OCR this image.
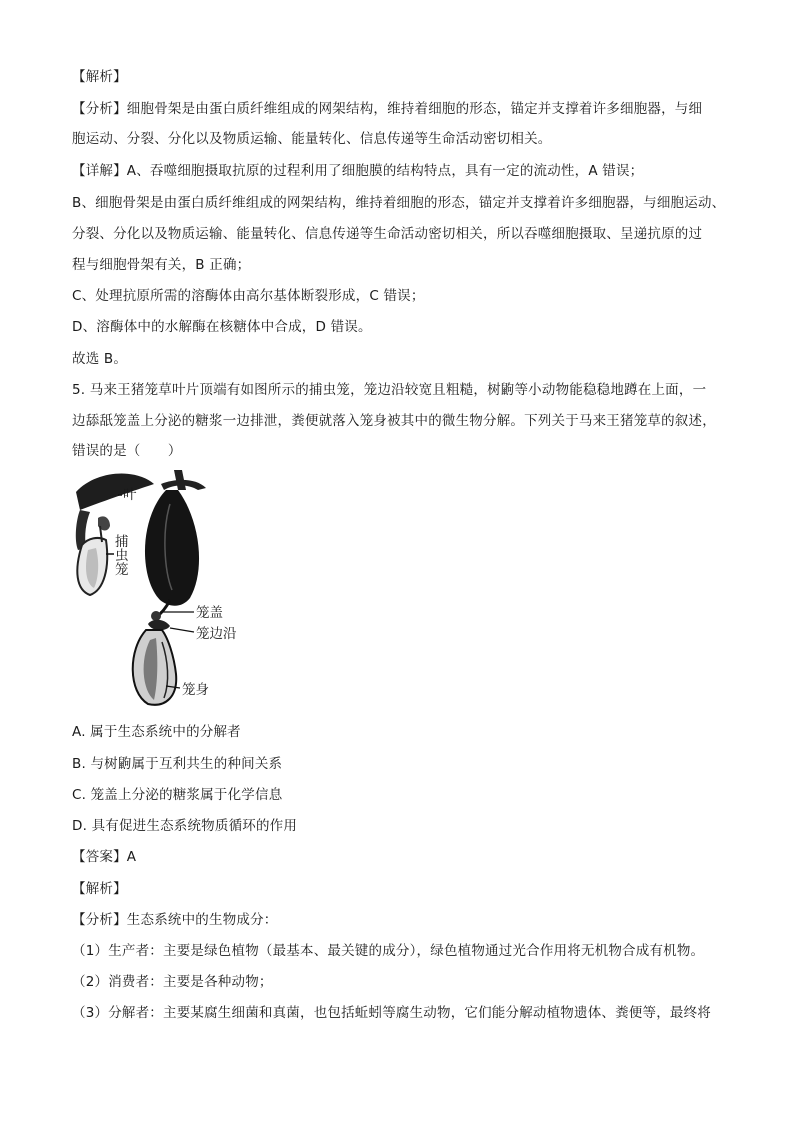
【解析】
【分析】细胞骨架是由蛋白质纤维组成的网架结构，维持着细胞的形态，锚定并支撑着许多细胞器，与细
胞运动、分裂、分化以及物质运输、能量转化、信息传递等生命活动密切相关。
【详解】A、吞噬细胞摄取抗原的过程利用了细胞膜的结构特点，具有一定的流动性，A 错误；
B、细胞骨架是由蛋白质纤维组成的网架结构，维持着细胞的形态，锚定并支撑着许多细胞器，与细胞运动、
分裂、分化以及物质运输、能量转化、信息传递等生命活动密切相关，所以吞噬细胞摄取、呈递抗原的过
程与细胞骨架有关，B 正确；
C、处理抗原所需的溶酶体由高尔基体断裂形成，C 错误；
D、溶酶体中的水解酶在核糖体中合成，D 错误。
故选 B。
5. 马来王猪笼草叶片顶端有如图所示的捕虫笼，笼边沿较宽且粗糙，树鼩等小动物能稳稳地蹲在上面，一
边舔舐笼盖上分泌的糖浆一边排泄，粪便就落入笼身被其中的微生物分解。下列关于马来王猪笼草的叙述，
错误的是（　　）
叶
捕
虫
笼
笼盖
笼边沿
笼身
A. 属于生态系统中的分解者
B. 与树鼩属于互利共生的种间关系
C. 笼盖上分泌的糖浆属于化学信息
D. 具有促进生态系统物质循环的作用
【答案】A
【解析】
【分析】生态系统中的生物成分：
（1）生产者：主要是绿色植物（最基本、最关键的成分），绿色植物通过光合作用将无机物合成有机物。
（2）消费者：主要是各种动物；
（3）分解者：主要某腐生细菌和真菌，也包括蚯蚓等腐生动物，它们能分解动植物遗体、粪便等，最终将
